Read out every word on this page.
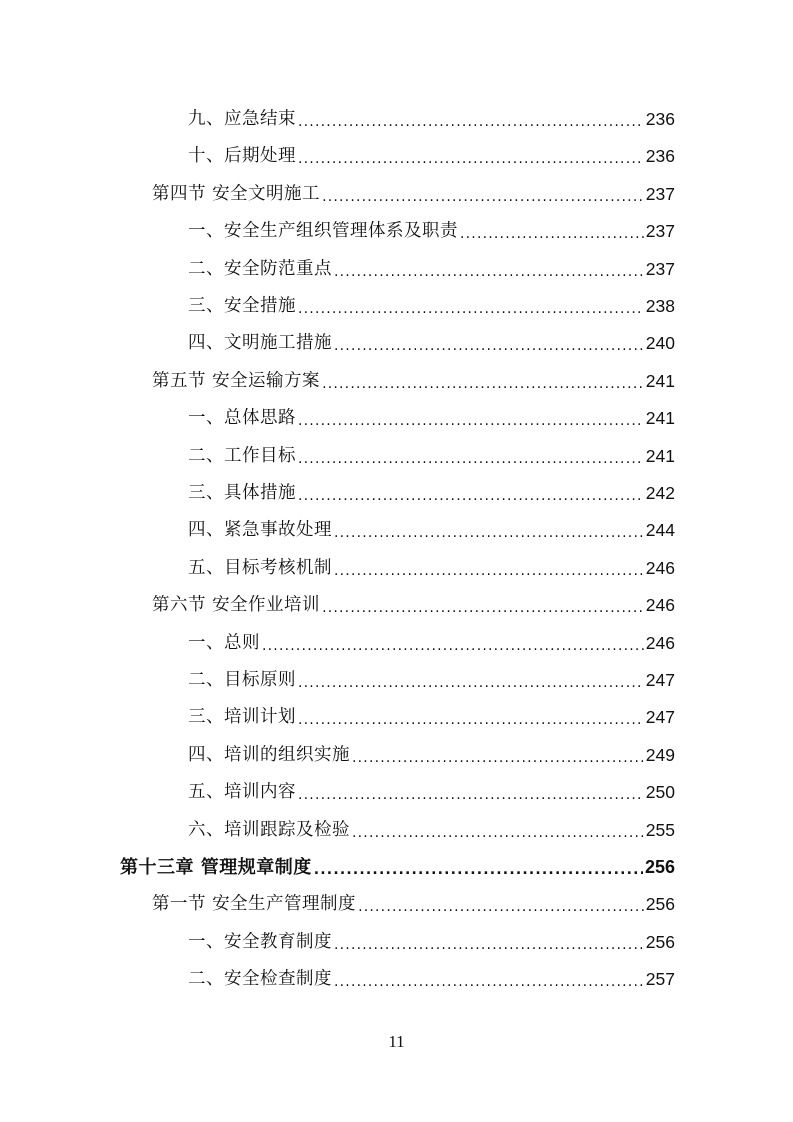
九、应急结束 .....	236
十、后期处理 .....	236
第四节 安全文明施工 .....	237
一、安全生产组织管理体系及职责 .....	237
二、安全防范重点 .....	237
三、安全措施 .....	238
四、文明施工措施 .....	240
第五节 安全运输方案 .....	241
一、总体思路 .....	241
二、工作目标 .....	241
三、具体措施 .....	242
四、紧急事故处理 .....	244
五、目标考核机制 .....	246
第六节 安全作业培训 .....	246
一、总则 .....	246
二、目标原则 .....	247
三、培训计划 .....	247
四、培训的组织实施 .....	249
五、培训内容 .....	250
六、培训跟踪及检验 .....	255
第十三章 管理规章制度 .....	256
第一节 安全生产管理制度 .....	256
一、安全教育制度 .....	256
二、安全检查制度 .....	257
11
